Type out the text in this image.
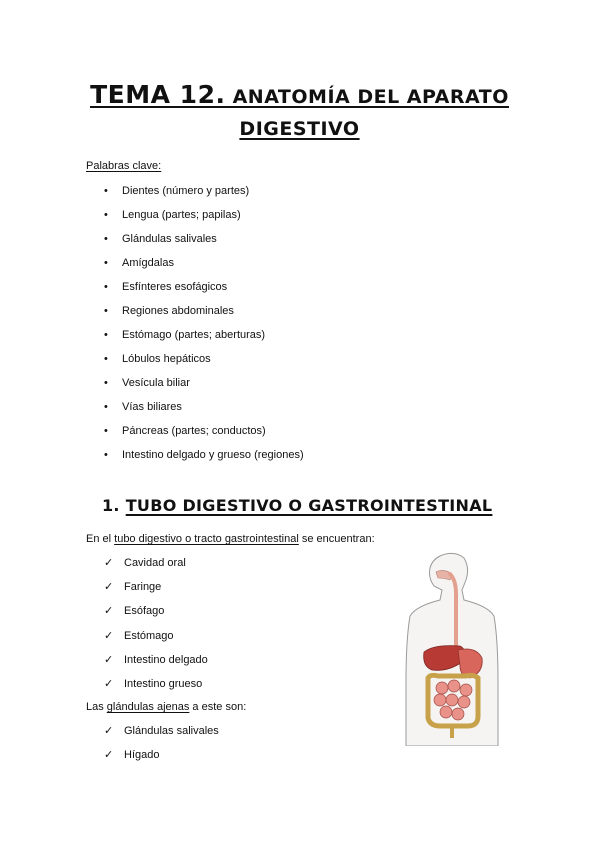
TEMA 12. ANATOMÍA DEL APARATO
DIGESTIVO
Palabras clave:
• Dientes (número y partes)
• Lengua (partes; papilas)
• Glándulas salivales
• Amígdalas
• Esfínteres esofágicos
• Regiones abdominales
• Estómago (partes; aberturas)
• Lóbulos hepáticos
• Vesícula biliar
• Vías biliares
• Páncreas (partes; conductos)
• Intestino delgado y grueso (regiones)
1. TUBO DIGESTIVO O GASTROINTESTINAL
En el tubo digestivo o tracto gastrointestinal se encuentran:
✓ Cavidad oral
✓ Faringe
✓ Esófago
✓ Estómago
✓ Intestino delgado
✓ Intestino grueso
Las glándulas ajenas a este son:
✓ Glándulas salivales
✓ Hígado
